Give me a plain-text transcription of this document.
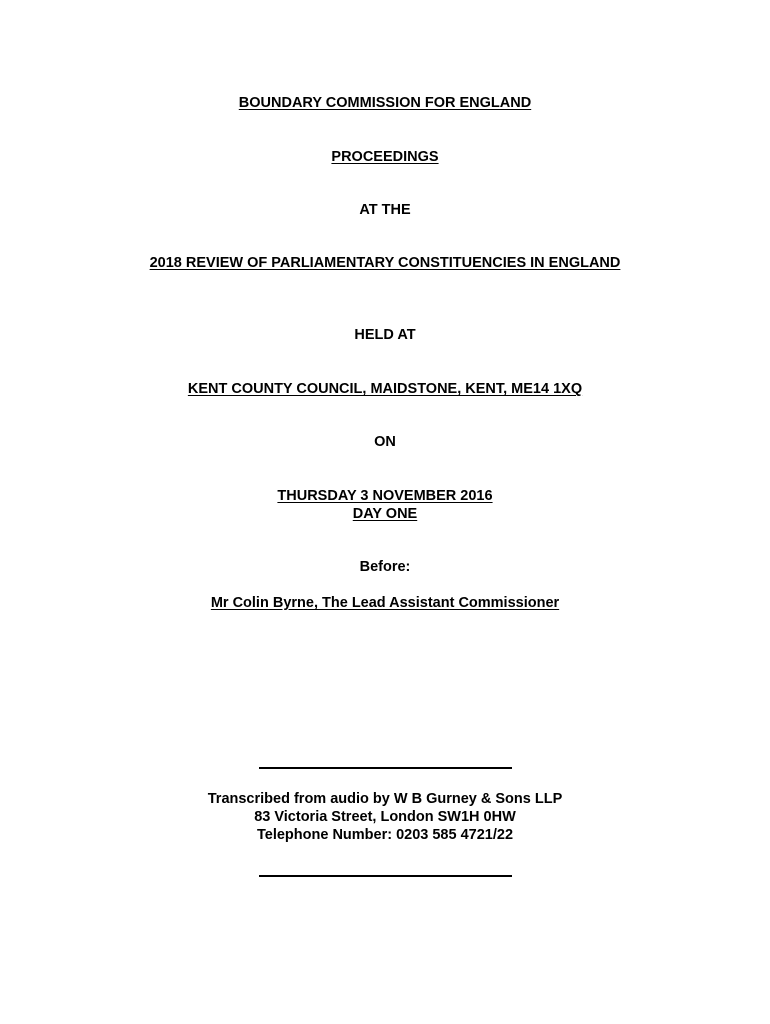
BOUNDARY COMMISSION FOR ENGLAND
PROCEEDINGS
AT THE
2018 REVIEW OF PARLIAMENTARY CONSTITUENCIES IN ENGLAND
HELD AT
KENT COUNTY COUNCIL, MAIDSTONE, KENT, ME14 1XQ
ON
THURSDAY 3 NOVEMBER 2016
DAY ONE
Before:
Mr Colin Byrne, The Lead Assistant Commissioner
Transcribed from audio by W B Gurney & Sons LLP
83 Victoria Street, London SW1H 0HW
Telephone Number: 0203 585 4721/22
